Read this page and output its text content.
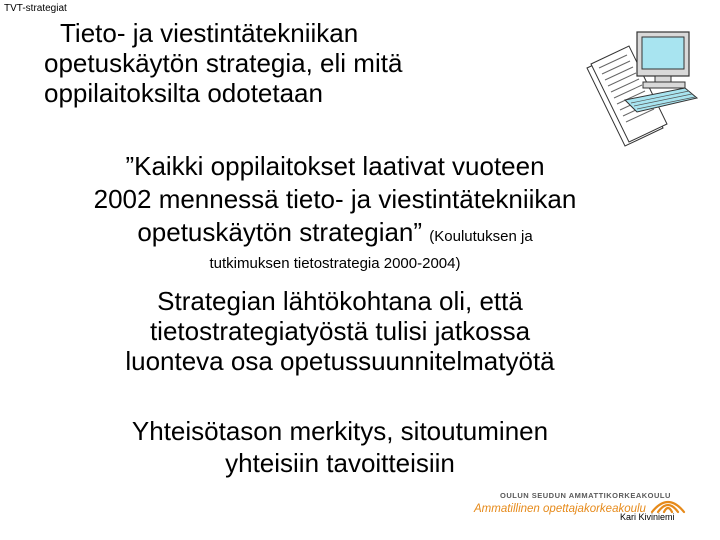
TVT-strategiat
Tieto- ja viestintätekniikan
opetuskäytön strategia, eli mitä
oppilaitoksilta odotetaan
”Kaikki oppilaitokset laativat vuoteen
2002 mennessä tieto- ja viestintätekniikan
opetuskäytön strategian” (Koulutuksen ja
tutkimuksen tietostrategia 2000-2004)
Strategian lähtökohtana oli, että
tietostrategiatyöstä tulisi jatkossa
luonteva osa opetussuunnitelmatyötä
Yhteisötason merkitys, sitoutuminen
yhteisiin tavoitteisiin
OULUN SEUDUN AMMATTIKORKEAKOULU
Ammatillinen opettajakorkeakoulu
Kari Kiviniemi
